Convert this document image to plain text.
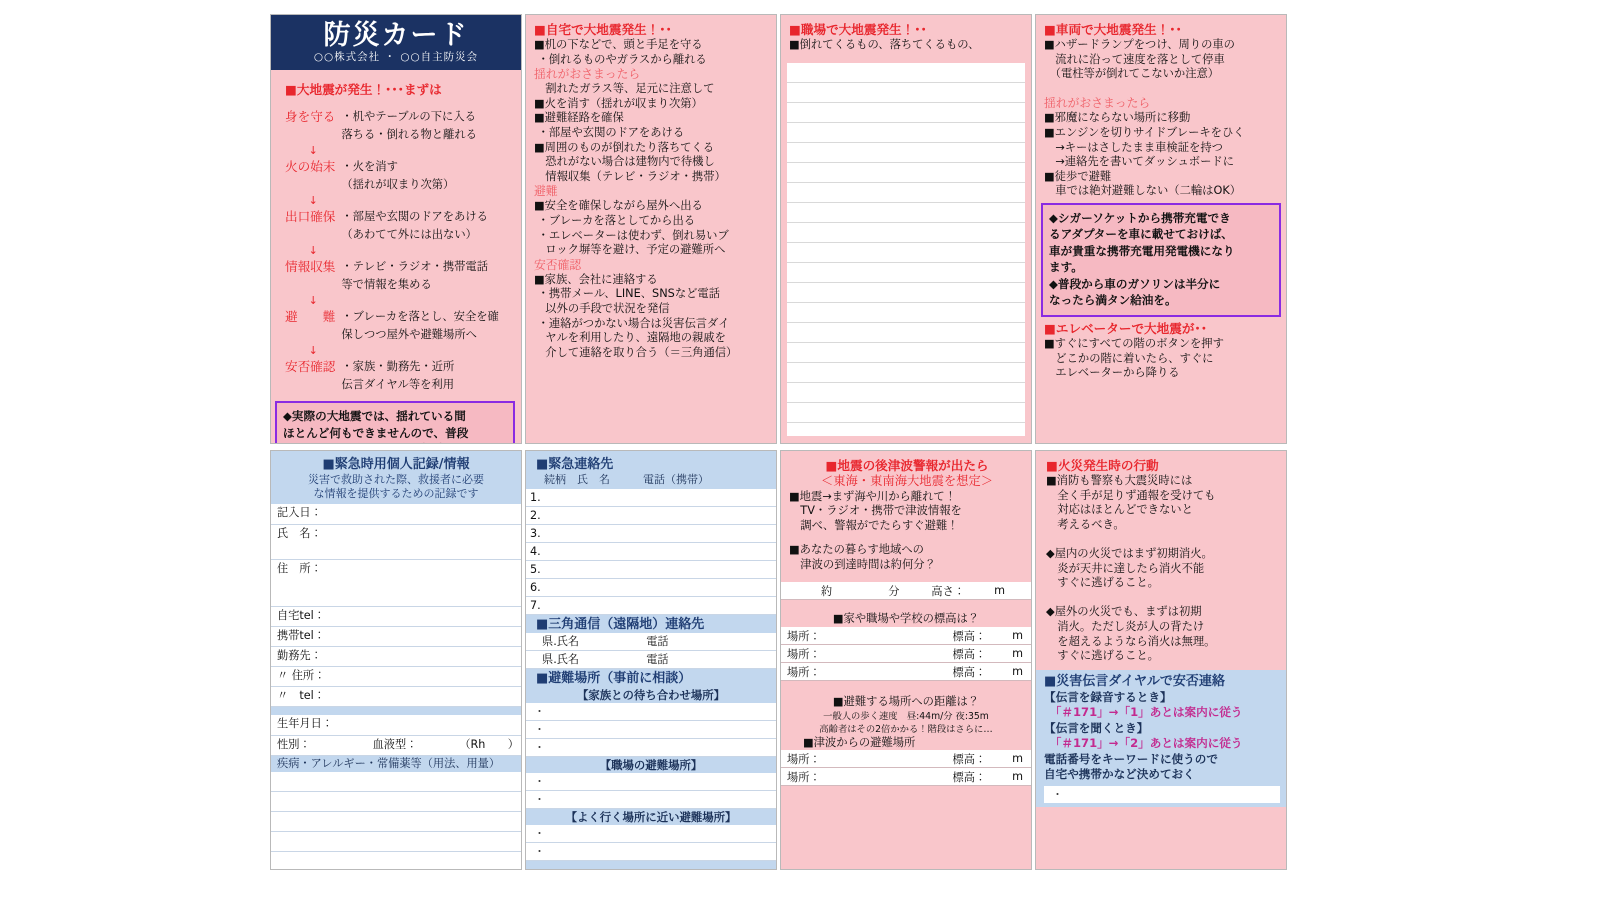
防災カード
○○株式会社 ・ ○○自主防災会
■大地震が発生！･･･まずは
身を守る	・机やテーブルの下に入る
落ちる・倒れる物と離れる

↓	
火の始末	・火を消す
（揺れが収まり次第）

↓	
出口確保	・部屋や玄関のドアをあける
（あわてて外には出ない）

↓	
情報収集	・テレビ・ラジオ・携帯電話
等で情報を集める

↓	
避　　難	・ブレーカを落とし、安全を確
保しつつ屋外や避難場所へ

↓	
安否確認	・家族・勤務先・近所
伝言ダイヤル等を利用
◆実際の大地震では、揺れている間
ほとんど何もできませんので、普段
■自宅で大地震発生！･･
■机の下などで、頭と手足を守る
・倒れるものやガラスから離れる
揺れがおさまったら
　割れたガラス等、足元に注意して
■火を消す（揺れが収まり次第）
■避難経路を確保
・部屋や玄関のドアをあける
■周囲のものが倒れたり落ちてくる
　恐れがない場合は建物内で待機し
　情報収集（テレビ・ラジオ・携帯）
避難
■安全を確保しながら屋外へ出る
・ブレーカを落としてから出る
・エレベーターは使わず、倒れ易いブ
　ロック塀等を避け、予定の避難所へ
安否確認
■家族、会社に連絡する
・携帯メール、LINE、SNSなど電話
　以外の手段で状況を発信
・連絡がつかない場合は災害伝言ダイ
　ヤルを利用したり、遠隔地の親戚を
　介して連絡を取り合う（＝三角通信）
■職場で大地震発生！･･
■倒れてくるもの、落ちてくるもの、
■車両で大地震発生！･･
■ハザードランプをつけ、周りの車の
　流れに沿って速度を落として停車
　（電柱等が倒れてこないか注意）

揺れがおさまったら
■邪魔にならない場所に移動
■エンジンを切りサイドブレーキをひく
　→キーはさしたまま車検証を持つ
　→連絡先を書いてダッシュボードに
■徒歩で避難
　車では絶対避難しない（二輪はOK）
◆シガーソケットから携帯充電でき
るアダプターを車に載せておけば、
車が貴重な携帯充電用発電機になり
ます。
◆普段から車のガソリンは半分に
なったら満タン給油を。
■エレベーターで大地震が･･
■すぐにすべての階のボタンを押す
　どこかの階に着いたら、すぐに
　エレベーターから降りる
■緊急時用個人記録/情報
災害で救助された際、救援者に必要
な情報を提供するための記録です
記入日：
氏　名：
住　所：
自宅tel：
携帯tel：
勤務先：
〃 住所：
〃　tel：
生年月日：
性別：	血液型：	（Rh　　）
疾病・アレルギー・常備薬等（用法、用量）
■緊急連絡先
続柄　氏　名　　　電話（携帯）
1.
2.
3.
4.
5.
6.
7.
■三角通信（遠隔地）連絡先
県.氏名　　　　　　電話
県.氏名　　　　　　電話
■避難場所（事前に相談）
【家族との待ち合わせ場所】
・
・
・
【職場の避難場所】
・
・
【よく行く場所に近い避難場所】
・
・
■地震の後津波警報が出たら
＜東海・東南海大地震を想定＞
■地震→まず海や川から離れて！
　TV・ラジオ・携帯で津波情報を
　調べ、警報がでたらすぐ避難！
■あなたの暮らす地域への
　津波の到達時間は約何分？
約	分	高さ：	m
■家や職場や学校の標高は？
場所：	標高：	m
場所：	標高：	m
場所：	標高：	m
■避難する場所への距離は？
一般人の歩く速度　昼:44m/分 夜:35m
高齢者はその2倍かかる！階段はさらに…
■津波からの避難場所
場所：	標高：	m
場所：	標高：	m
■火災発生時の行動
■消防も警察も大震災時には
　全く手が足りず通報を受けても
　対応はほとんどできないと
　考えるべき。

◆屋内の火災ではまず初期消火。
　炎が天井に達したら消火不能
　すぐに逃げること。

◆屋外の火災でも、まずは初期
　消火。ただし炎が人の背たけ
　を超えるようなら消火は無理。
　すぐに逃げること。
■災害伝言ダイヤルで安否連絡
【伝言を録音するとき】
　「＃171」→「1」あとは案内に従う
【伝言を聞くとき】
　「＃171」→「2」あとは案内に従う
電話番号をキーワードに使うので
自宅や携帯かなど決めておく
・
